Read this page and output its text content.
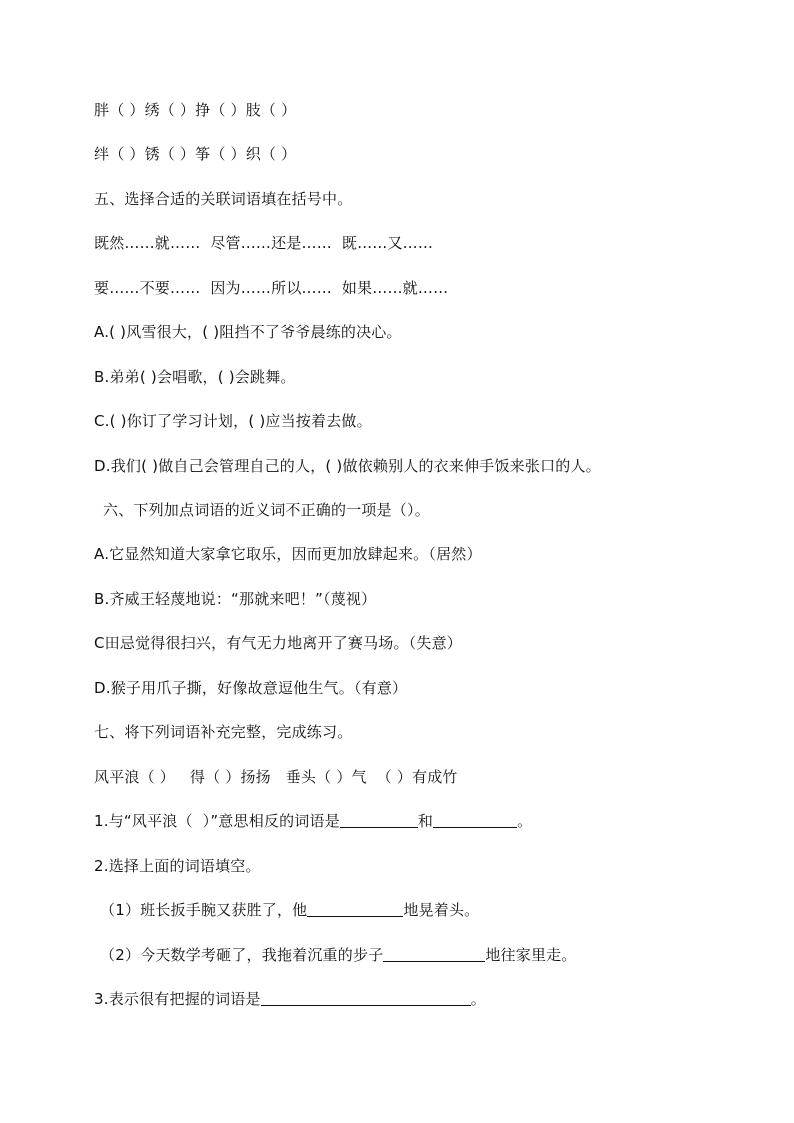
胖（ ）绣（ ）挣（ ）肢（ ）
绊（ ）锈（ ）筝（ ）织（ ）
五、选择合适的关联词语填在括号中。
既然……就……  尽管……还是……  既……又……
要……不要……  因为……所以……  如果……就……
A.( )风雪很大，( )阻挡不了爷爷晨练的决心。
B.弟弟( )会唱歌，( )会跳舞。
C.( )你订了学习计划，( )应当按着去做。
D.我们( )做自己会管理自己的人，( )做依赖别人的衣来伸手饭来张口的人。
六、下列加点词语的近义词不正确的一项是（）。
A.它显然知道大家拿它取乐，因而更加放肆起来。（居然）
B.齐威王轻蔑地说：“那就来吧！”（蔑视）
C田忌觉得很扫兴，有气无力地离开了赛马场。（失意）
D.猴子用爪子撕，好像故意逗他生气。（有意）
七、将下列词语补充完整，完成练习。
风平浪（ ）   得（ ）扬扬   垂头（ ）气  （ ）有成竹
1.与“风平浪（  ）”意思相反的词语是	和	。
2.选择上面的词语填空。
（1）班长扳手腕又获胜了，他	地晃着头。
（2）今天数学考砸了，我拖着沉重的步子	地往家里走。
3.表示很有把握的词语是	。
